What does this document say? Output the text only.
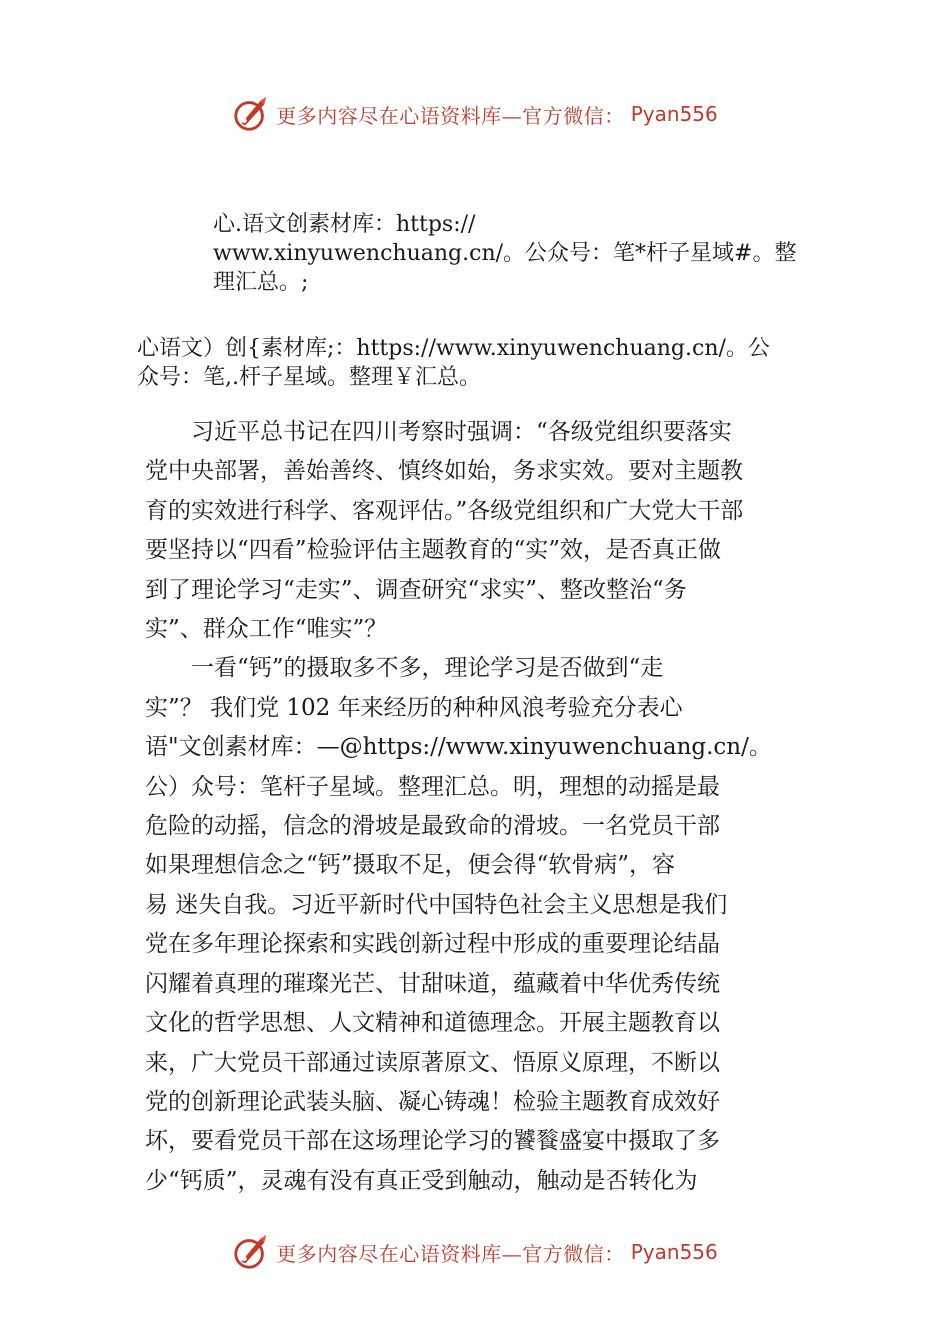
更多内容尽在心语资料库—官方微信： Pyan556
心.语文创素材库：https://
www.xinyuwenchuang.cn/。公众号：笔*杆子星域#。整
理汇总。;
心语文）创{素材库;：https://www.xinyuwenchuang.cn/。公
众号：笔,.杆子星域。整理￥汇总。
　　习近平总书记在四川考察时强调：“各级党组织要落实
党中央部署，善始善终、慎终如始，务求实效。要对主题教
育的实效进行科学、客观评估。”各级党组织和广大党大干部
要坚持以“四看”检验评估主题教育的“实”效，是否真正做
到了理论学习“走实”、调查研究“求实”、整改整治“务
实”、群众工作“唯实”？
　　一看“钙”的摄取多不多，理论学习是否做到“走
实”？ 我们党 102 年来经历的种种风浪考验充分表心
语"文创素材库：—@https://www.xinyuwenchuang.cn/。
公）众号：笔杆子星域。整理汇总。明，理想的动摇是最
危险的动摇，信念的滑坡是最致命的滑坡。一名党员干部
如果理想信念之“钙”摄取不足，便会得“软骨病”，容
易 迷失自我。习近平新时代中国特色社会主义思想是我们
党在多年理论探索和实践创新过程中形成的重要理论结晶
闪耀着真理的璀璨光芒、甘甜味道，蕴藏着中华优秀传统
文化的哲学思想、人文精神和道德理念。开展主题教育以
来，广大党员干部通过读原著原文、悟原义原理，不断以
党的创新理论武装头脑、凝心铸魂！检验主题教育成效好
坏，要看党员干部在这场理论学习的饕餮盛宴中摄取了多
少“钙质”，灵魂有没有真正受到触动，触动是否转化为
更多内容尽在心语资料库—官方微信： Pyan556
